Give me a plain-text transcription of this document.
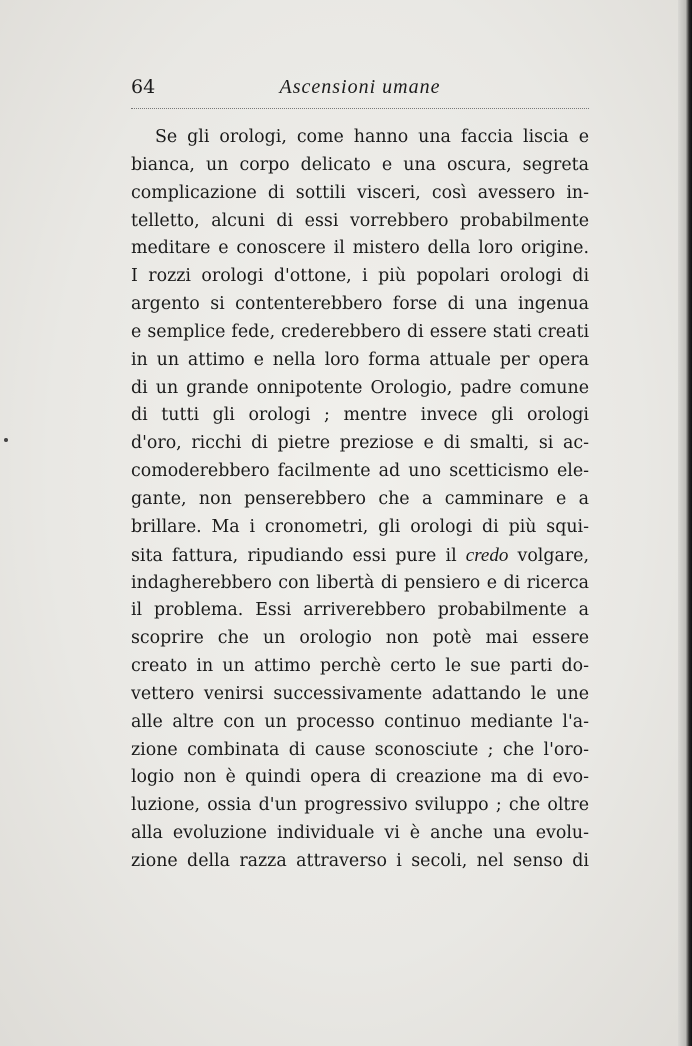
64	Ascensioni umane
Se gli orologi, come hanno una faccia liscia e
bianca, un corpo delicato e una oscura, segreta
complicazione di sottili visceri, così avessero in-
telletto, alcuni di essi vorrebbero probabilmente
meditare e conoscere il mistero della loro origine.
I rozzi orologi d'ottone, i più popolari orologi di
argento si contenterebbero forse di una ingenua
e semplice fede, crederebbero di essere stati creati
in un attimo e nella loro forma attuale per opera
di un grande onnipotente Orologio, padre comune
di tutti gli orologi ; mentre invece gli orologi
d'oro, ricchi di pietre preziose e di smalti, si ac-
comoderebbero facilmente ad uno scetticismo ele-
gante, non penserebbero che a camminare e a
brillare. Ma i cronometri, gli orologi di più squi-
sita fattura, ripudiando essi pure il credo volgare,
indagherebbero con libertà di pensiero e di ricerca
il problema. Essi arriverebbero probabilmente a
scoprire che un orologio non potè mai essere
creato in un attimo perchè certo le sue parti do-
vettero venirsi successivamente adattando le une
alle altre con un processo continuo mediante l'a-
zione combinata di cause sconosciute ; che l'oro-
logio non è quindi opera di creazione ma di evo-
luzione, ossia d'un progressivo sviluppo ; che oltre
alla evoluzione individuale vi è anche una evolu-
zione della razza attraverso i secoli, nel senso di
